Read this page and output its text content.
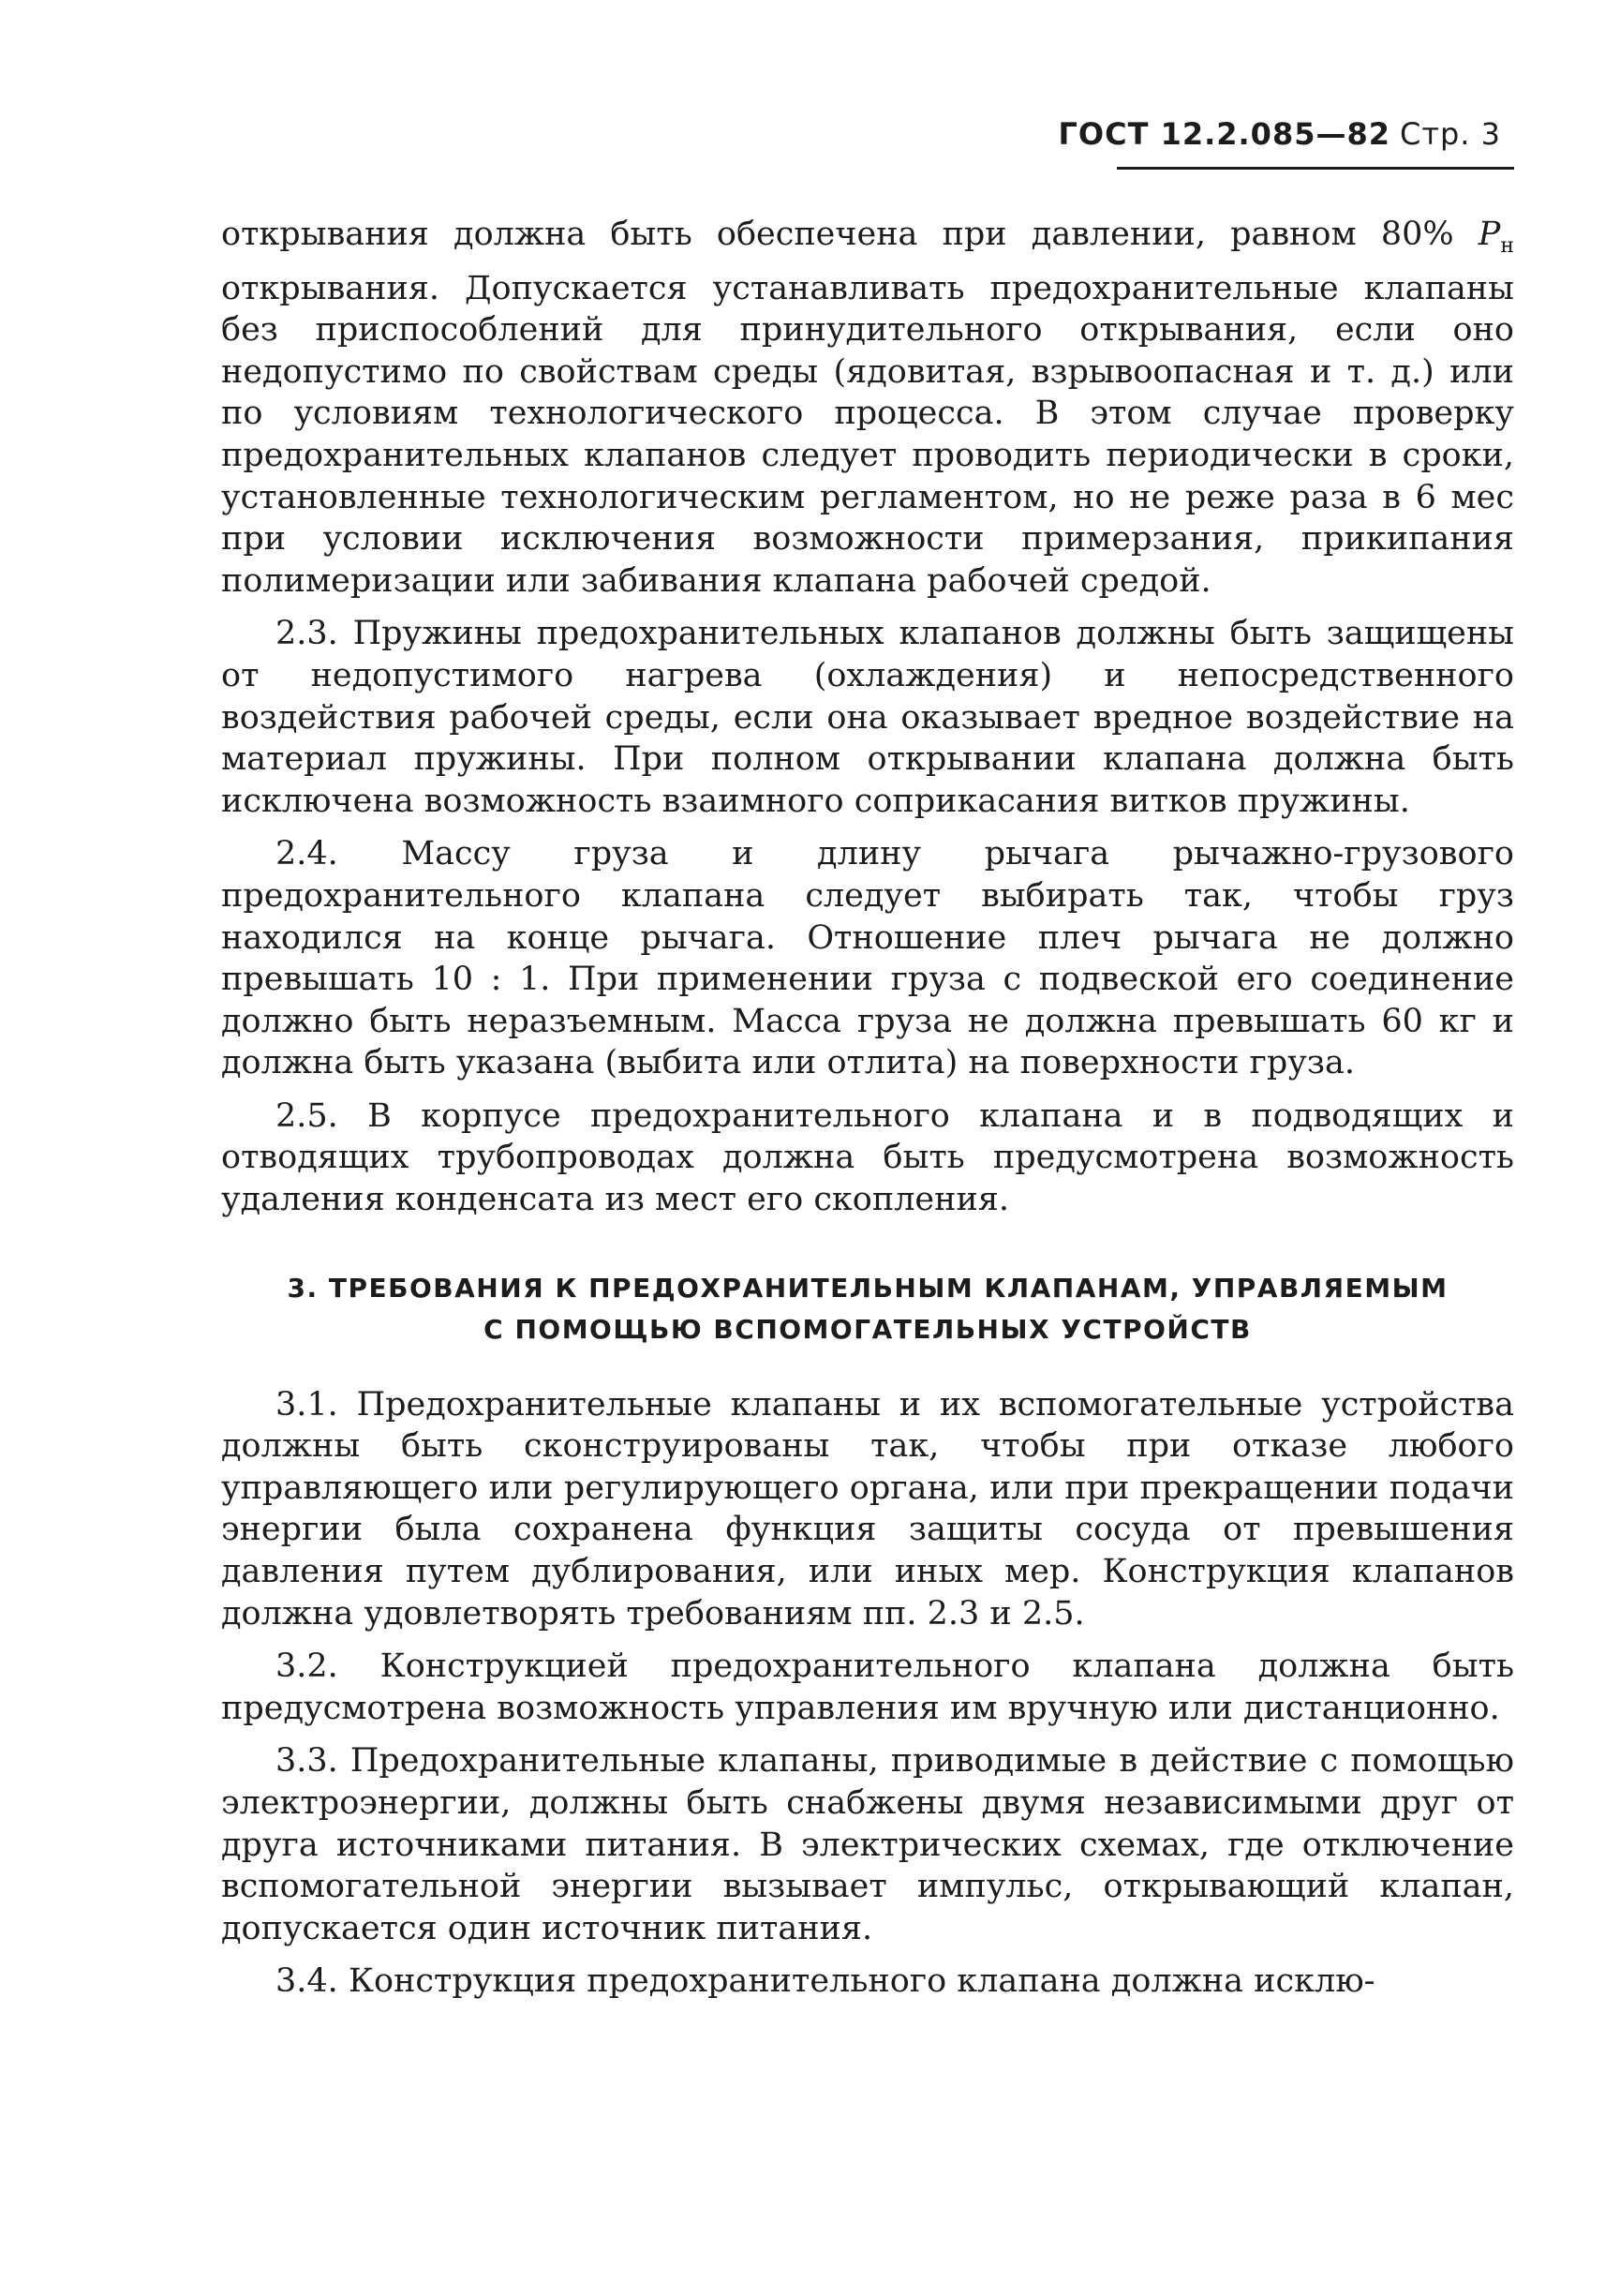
ГОСТ 12.2.085—82 Стр. 3

открывания должна быть обеспечена при давлении, равном 80% $P_н$ открывания. Допускается устанавливать предохранительные клапаны без приспособлений для принудительного открывания, если оно недопустимо по свойствам среды (ядовитая, взрывоопасная и т. д.) или по условиям технологического процесса. В этом случае проверку предохранительных клапанов следует проводить периодически в сроки, установленные технологическим регламентом, но не реже раза в 6 мес при условии исключения возможности примерзания, прикипания полимеризации или забивания клапана рабочей средой.

2.3. Пружины предохранительных клапанов должны быть защищены от недопустимого нагрева (охлаждения) и непосредственного воздействия рабочей среды, если она оказывает вредное воздействие на материал пружины. При полном открывании клапана должна быть исключена возможность взаимного соприкасания витков пружины.

2.4. Массу груза и длину рычага рычажно-грузового предохранительного клапана следует выбирать так, чтобы груз находился на конце рычага. Отношение плеч рычага не должно превышать 10 : 1. При применении груза с подвеской его соединение должно быть неразъемным. Масса груза не должна превышать 60 кг и должна быть указана (выбита или отлита) на поверхности груза.

2.5. В корпусе предохранительного клапана и в подводящих и отводящих трубопроводах должна быть предусмотрена возможность удаления конденсата из мест его скопления.

3. ТРЕБОВАНИЯ К ПРЕДОХРАНИТЕЛЬНЫМ КЛАПАНАМ, УПРАВЛЯЕМЫМ
С ПОМОЩЬЮ ВСПОМОГАТЕЛЬНЫХ УСТРОЙСТВ

3.1. Предохранительные клапаны и их вспомогательные устройства должны быть сконструированы так, чтобы при отказе любого управляющего или регулирующего органа, или при прекращении подачи энергии была сохранена функция защиты сосуда от превышения давления путем дублирования, или иных мер. Конструкция клапанов должна удовлетворять требованиям пп. 2.3 и 2.5.

3.2. Конструкцией предохранительного клапана должна быть предусмотрена возможность управления им вручную или дистанционно.

3.3. Предохранительные клапаны, приводимые в действие с помощью электроэнергии, должны быть снабжены двумя независимыми друг от друга источниками питания. В электрических схемах, где отключение вспомогательной энергии вызывает импульс, открывающий клапан, допускается один источник питания.

3.4. Конструкция предохранительного клапана должна исклю-
